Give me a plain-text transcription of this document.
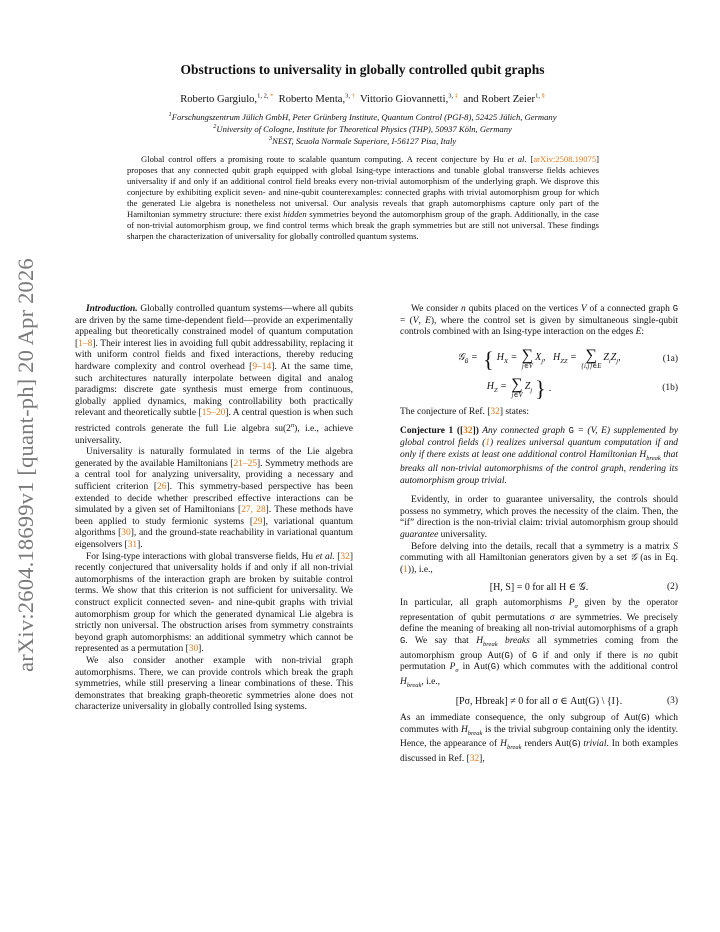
arXiv:2604.18699v1 [quant-ph] 20 Apr 2026
Obstructions to universality in globally controlled qubit graphs
Roberto Gargiulo,$^{1, 2,}$ * Roberto Menta,$^{3,}$ † Vittorio Giovannetti,$^{3,}$ ‡ and Robert Zeier$^{1,}$ §
$^1$Forschungszentrum Jülich GmbH, Peter Grünberg Institute, Quantum Control (PGI-8), 52425 Jülich, Germany
$^2$University of Cologne, Institute for Theoretical Physics (THP), 50937 Köln, Germany
$^3$NEST, Scuola Normale Superiore, I-56127 Pisa, Italy

Global control offers a promising route to scalable quantum computing. A recent conjecture by Hu et al. [arXiv:2508.19075] proposes that any connected qubit graph equipped with global Ising-type interactions and tunable global transverse fields achieves universality if and only if an additional control field breaks every non-trivial automorphism of the underlying graph. We disprove this conjecture by exhibiting explicit seven- and nine-qubit counterexamples: connected graphs with trivial automorphism group for which the generated Lie algebra is nonetheless not universal. Our analysis reveals that graph automorphisms capture only part of the Hamiltonian symmetry structure: there exist hidden symmetries beyond the automorphism group of the graph. Additionally, in the case of non-trivial automorphism group, we find control terms which break the graph symmetries but are still not universal. These findings sharpen the characterization of universality for globally controlled quantum systems.

Introduction. Globally controlled quantum systems—where all qubits are driven by the same time-dependent field—provide an experimentally appealing but theoretically constrained model of quantum computation [1–8]. Their interest lies in avoiding full qubit addressability, replacing it with uniform control fields and fixed interactions, thereby reducing hardware complexity and control overhead [9–14]. At the same time, such architectures naturally interpolate between digital and analog paradigms: discrete gate synthesis must emerge from continuous, globally applied dynamics, making controllability both practically relevant and theoretically subtle [15–20]. A central question is when such restricted controls generate the full Lie algebra su(2$^n$), i.e., achieve universality.

Universality is naturally formulated in terms of the Lie algebra generated by the available Hamiltonians [21–25]. Symmetry methods are a central tool for analyzing universality, providing a necessary and sufficient criterion [26]. This symmetry-based perspective has been extended to decide whether prescribed effective interactions can be simulated by a given set of Hamiltonians [27, 28]. These methods have been applied to study fermionic systems [29], variational quantum algorithms [30], and the ground-state reachability in variational quantum eigensolvers [31].

For Ising-type interactions with global transverse fields, Hu et al. [32] recently conjectured that universality holds if and only if all non-trivial automorphisms of the interaction graph are broken by suitable control terms. We show that this criterion is not sufficient for universality. We construct explicit connected seven- and nine-qubit graphs with trivial automorphism group for which the generated dynamical Lie algebra is strictly non universal. The obstruction arises from symmetry constraints beyond graph automorphisms: an additional symmetry which cannot be represented as a permutation [30].

We also consider another example with non-trivial graph automorphisms. There, we can provide controls which break the graph symmetries, while still preserving a linear combinations of these. This demonstrates that breaking graph-theoretic symmetries alone does not characterize universality in globally controlled Ising systems.

We consider n qubits placed on the vertices V of a connected graph G = (V, E), where the control set is given by simultaneous single-qubit controls combined with an Ising-type interaction on the edges E:

𝒢$_G$ = { $H_X$ = ∑
j∈V
$X_j$,   $H_{ZZ}$ = ∑
{i,j}∈E
$Z_iZ_j$,	(1a)
$H_Z$ = ∑
j∈V
$Z_j$ } .	(1b)

The conjecture of Ref. [32] states:

Conjecture 1 ([32]) Any connected graph G = (V, E) supplemented by global control fields (1) realizes universal quantum computation if and only if there exists at least one additional control Hamiltonian $H_{break}$ that breaks all non-trivial automorphisms of the control graph, rendering its automorphism group trivial.

Evidently, in order to guarantee universality, the controls should possess no symmetry, which proves the necessity of the claim. Then, the “if” direction is the non-trivial claim: trivial automorphism group should guarantee universality.

Before delving into the details, recall that a symmetry is a matrix S commuting with all Hamiltonian generators given by a set 𝒢 (as in Eq. (1)), i.e.,

[H, S] = 0 for all H ∈ 𝒢.	(2)

In particular, all graph automorphisms $P_\sigma$ given by the operator representation of qubit permutations σ are symmetries. We precisely define the meaning of breaking all non-trivial automorphisms of a graph G. We say that $H_{break}$ breaks all symmetries coming from the automorphism group Aut(G) of G if and only if there is no qubit permutation $P_\sigma$ in Aut(G) which commutes with the additional control $H_{break}$, i.e.,

[Pσ, Hbreak] ≠ 0 for all σ ∈ Aut(G) \ {I}.	(3)

As an immediate consequence, the only subgroup of Aut(G) which commutes with $H_{break}$ is the trivial subgroup containing only the identity. Hence, the appearance of $H_{break}$ renders Aut(G) trivial. In both examples discussed in Ref. [32],
